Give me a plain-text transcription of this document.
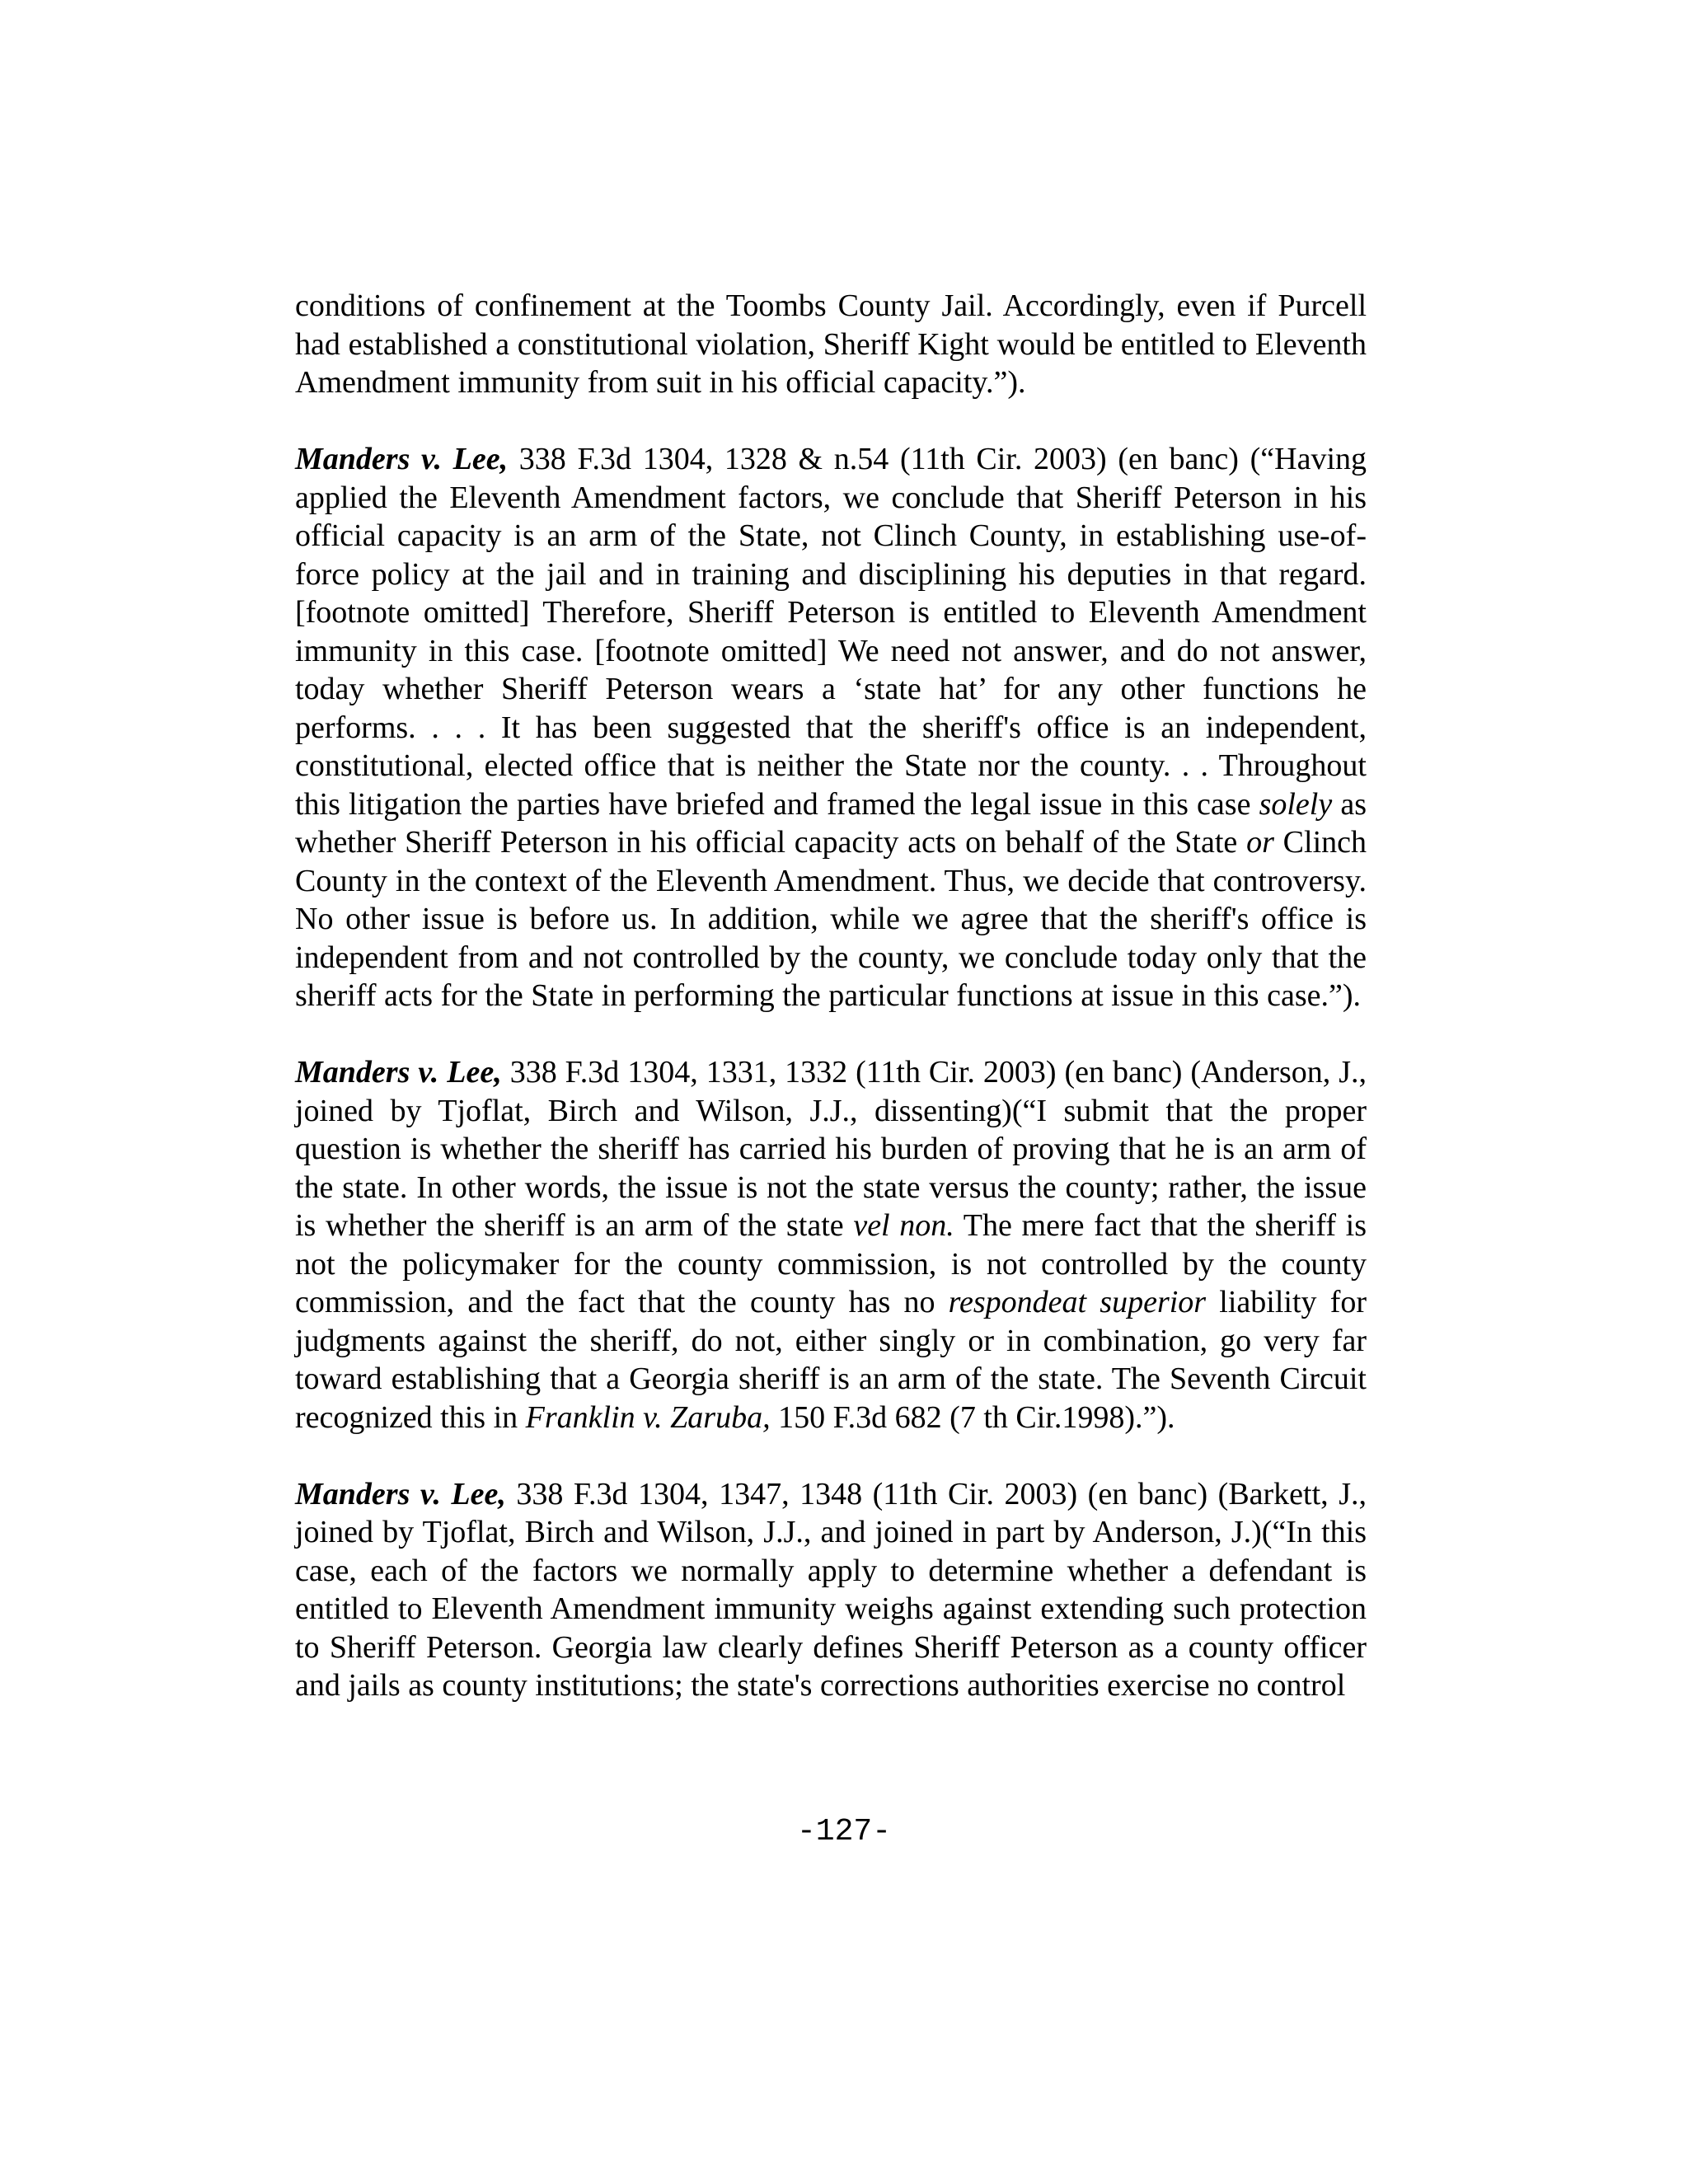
conditions of confinement at the Toombs County Jail. Accordingly, even if Purcell had established a constitutional violation, Sheriff Kight would be entitled to Eleventh Amendment immunity from suit in his official capacity.”).

Manders v. Lee, 338 F.3d 1304, 1328 & n.54 (11th Cir. 2003) (en banc) (“Having applied the Eleventh Amendment factors, we conclude that Sheriff Peterson in his official capacity is an arm of the State, not Clinch County, in establishing use-of-force policy at the jail and in training and disciplining his deputies in that regard.[footnote omitted] Therefore, Sheriff Peterson is entitled to Eleventh Amendment immunity in this case. [footnote omitted] We need not answer, and do not answer, today whether Sheriff Peterson wears a ‘state hat’ for any other functions he performs. . . . It has been suggested that the sheriff's office is an independent, constitutional, elected office that is neither the State nor the county. . . Throughout this litigation the parties have briefed and framed the legal issue in this case solely as whether Sheriff Peterson in his official capacity acts on behalf of the State or Clinch County in the context of the Eleventh Amendment. Thus, we decide that controversy. No other issue is before us. In addition, while we agree that the sheriff's office is independent from and not controlled by the county, we conclude today only that the sheriff acts for the State in performing the particular functions at issue in this case.”).

Manders v. Lee, 338 F.3d 1304, 1331, 1332 (11th Cir. 2003) (en banc) (Anderson, J., joined by Tjoflat, Birch and Wilson, J.J., dissenting)(“I submit that the proper question is whether the sheriff has carried his burden of proving that he is an arm of the state. In other words, the issue is not the state versus the county; rather, the issue is whether the sheriff is an arm of the state vel non. The mere fact that the sheriff is not the policymaker for the county commission, is not controlled by the county commission, and the fact that the county has no respondeat superior liability for judgments against the sheriff, do not, either singly or in combination, go very far toward establishing that a Georgia sheriff is an arm of the state. The Seventh Circuit recognized this in Franklin v. Zaruba, 150 F.3d 682 (7 th Cir.1998).”).

Manders v. Lee, 338 F.3d 1304, 1347, 1348 (11th Cir. 2003) (en banc) (Barkett, J., joined by Tjoflat, Birch and Wilson, J.J., and joined in part by Anderson, J.)(“In this case, each of the factors we normally apply to determine whether a defendant is entitled to Eleventh Amendment immunity weighs against extending such protection to Sheriff Peterson. Georgia law clearly defines Sheriff Peterson as a county officer and jails as county institutions; the state's corrections authorities exercise no control

-127-
